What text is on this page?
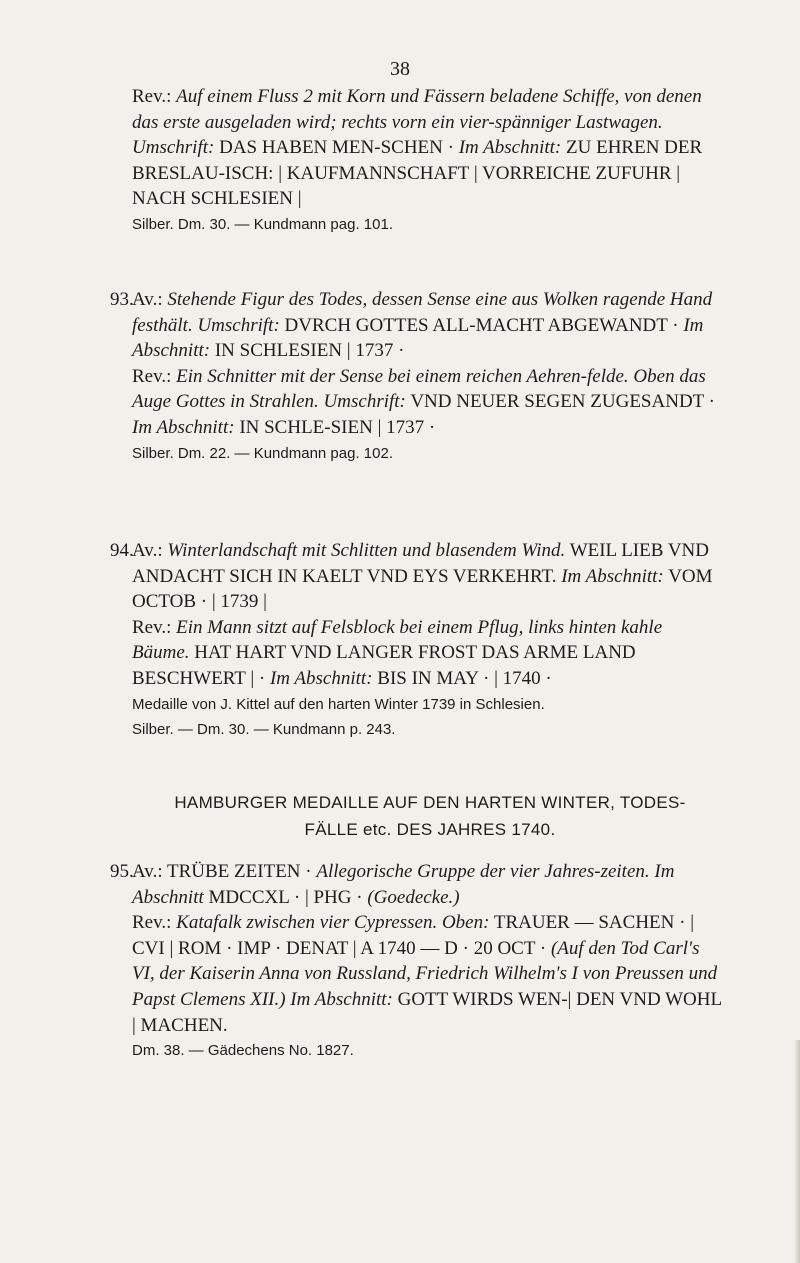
38

Rev.: Auf einem Fluss 2 mit Korn und Fässern beladene Schiffe, von denen das erste ausgeladen wird; rechts vorn ein vier-spänniger Lastwagen. Umschrift: DAS HABEN MEN-SCHEN · Im Abschnitt: ZU EHREN DER BRESLAU-ISCH: | KAUFMANNSCHAFT | VORREICHE ZUFUHR | NACH SCHLESIEN |

Silber. Dm. 30. — Kundmann pag. 101.

93.
Av.: Stehende Figur des Todes, dessen Sense eine aus Wolken ragende Hand festhält. Umschrift: DVRCH GOTTES ALL-MACHT ABGEWANDT · Im Abschnitt: IN SCHLESIEN | 1737 ·

Rev.: Ein Schnitter mit der Sense bei einem reichen Aehren-felde. Oben das Auge Gottes in Strahlen. Umschrift: VND NEUER SEGEN ZUGESANDT · Im Abschnitt: IN SCHLE-SIEN | 1737 ·

Silber. Dm. 22. — Kundmann pag. 102.

94.
Av.: Winterlandschaft mit Schlitten und blasendem Wind. WEIL LIEB VND ANDACHT SICH IN KAELT VND EYS VERKEHRT. Im Abschnitt: VOM OCTOB · | 1739 |

Rev.: Ein Mann sitzt auf Felsblock bei einem Pflug, links hinten kahle Bäume. HAT HART VND LANGER FROST DAS ARME LAND BESCHWERT | · Im Abschnitt: BIS IN MAY · | 1740 ·

Medaille von J. Kittel auf den harten Winter 1739 in Schlesien.

Silber. — Dm. 30. — Kundmann p. 243.

HAMBURGER MEDAILLE AUF DEN HARTEN WINTER, TODES-
FÄLLE etc. DES JAHRES 1740.

95.
Av.: TRÜBE ZEITEN · Allegorische Gruppe der vier Jahres-zeiten. Im Abschnitt MDCCXL · | PHG · (Goedecke.)

Rev.: Katafalk zwischen vier Cypressen. Oben: TRAUER — SACHEN · | CVI | ROM · IMP · DENAT | A 1740 — D · 20 OCT · (Auf den Tod Carl's VI, der Kaiserin Anna von Russland, Friedrich Wilhelm's I von Preussen und Papst Clemens XII.) Im Abschnitt: GOTT WIRDS WEN-| DEN VND WOHL | MACHEN.

Dm. 38. — Gädechens No. 1827.
